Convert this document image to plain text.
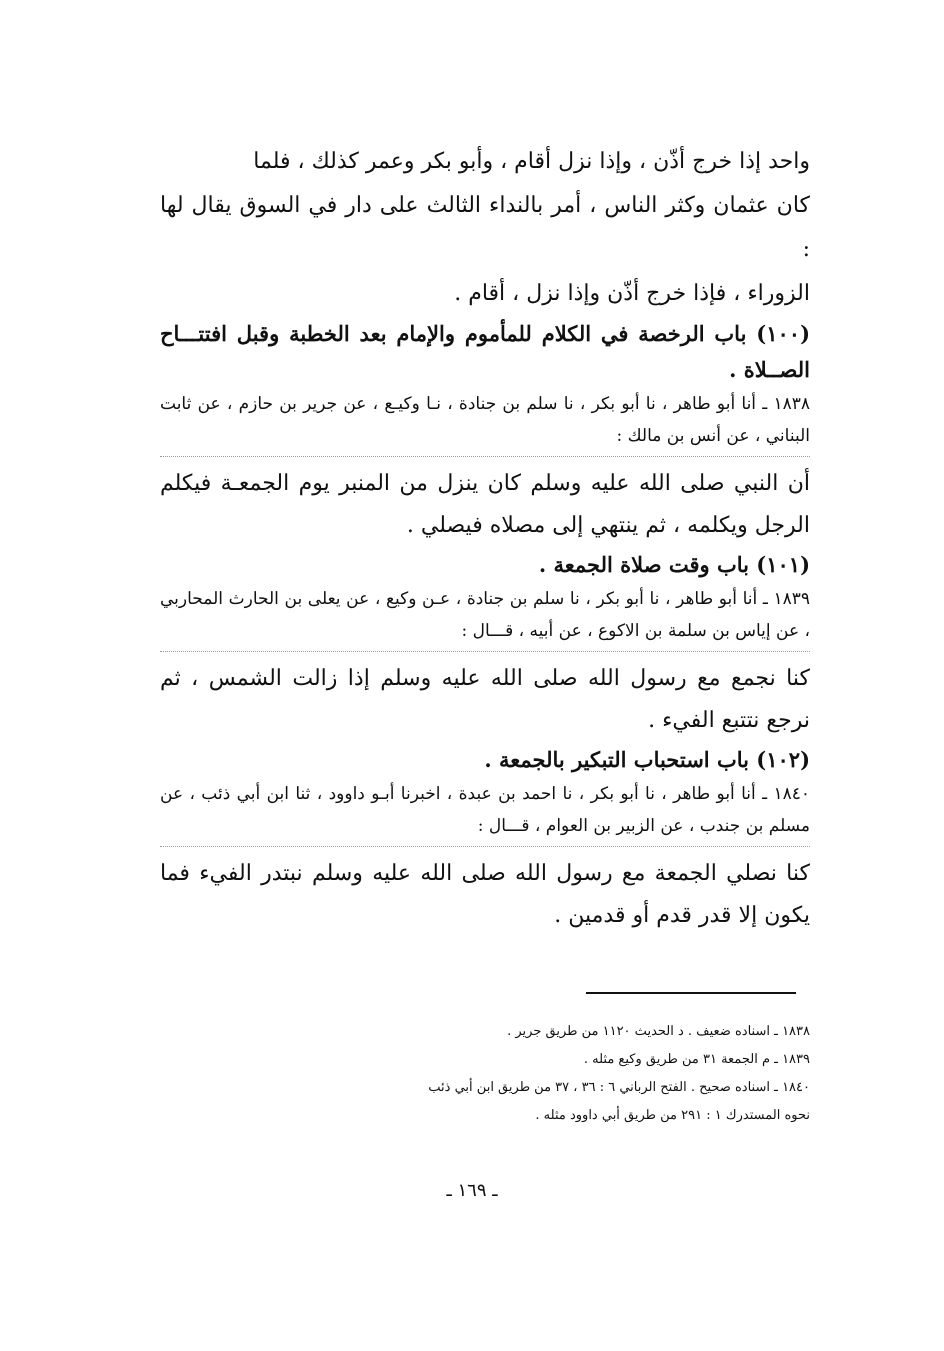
واحد إذا خرج أذّن ، وإذا نزل أقام ، وأبو بكر وعمر كذلك ، فلما

كان عثمان وكثر الناس ، أمر بالنداء الثالث على دار في السوق يقال لها :

الزوراء ، فإذا خرج أذّن وإذا نزل ، أقام .

(١٠٠) باب الرخصة في الكلام للمأموم والإمام بعد الخطبة وقبل افتتـــاح الصــلاة .

١٨٣٨ ـ أنا أبو طاهر ، نا أبو بكر ، نا سلم بن جنادة ، نـا وكيـع ، عن جرير بن حازم ، عن ثابت البناني ، عن أنس بن مالك :

أن النبي صلى الله عليه وسلم كان ينزل من المنبر يوم الجمعـة فيكلم الرجل ويكلمه ، ثم ينتهي إلى مصلاه فيصلي .

(١٠١) باب وقت صلاة الجمعة .

١٨٣٩ ـ أنا أبو طاهر ، نا أبو بكر ، نا سلم بن جنادة ، عـن وكيع ، عن يعلى بن الحارث المحاربي ، عن إياس بن سلمة بن الاكوع ، عن أبيه ، قـــال :

كنا نجمع مع رسول الله صلى الله عليه وسلم إذا زالت الشمس ، ثم نرجع نتتبع الفيء .

(١٠٢) باب استحباب التبكير بالجمعة .

١٨٤٠ ـ أنا أبو طاهر ، نا أبو بكر ، نا احمد بن عبدة ، اخبرنا أبـو داوود ، ثنا ابن أبي ذئب ، عن مسلم بن جندب ، عن الزبير بن العوام ، قـــال :

كنا نصلي الجمعة مع رسول الله صلى الله عليه وسلم نبتدر الفيء فما يكون إلا قدر قدم أو قدمين .

١٨٣٨ ـ اسناده ضعيف . د الحديث ١١٢٠ من طريق جرير .
١٨٣٩ ـ م الجمعة ٣١ من طريق وكيع مثله .
١٨٤٠ ـ اسناده صحيح . الفتح الرباني ٦ : ٣٦ ، ٣٧ من طريق ابن أبي ذئب
نحوه المستدرك ١ : ٢٩١ من طريق أبي داوود مثله .
ـ ١٦٩ ـ
